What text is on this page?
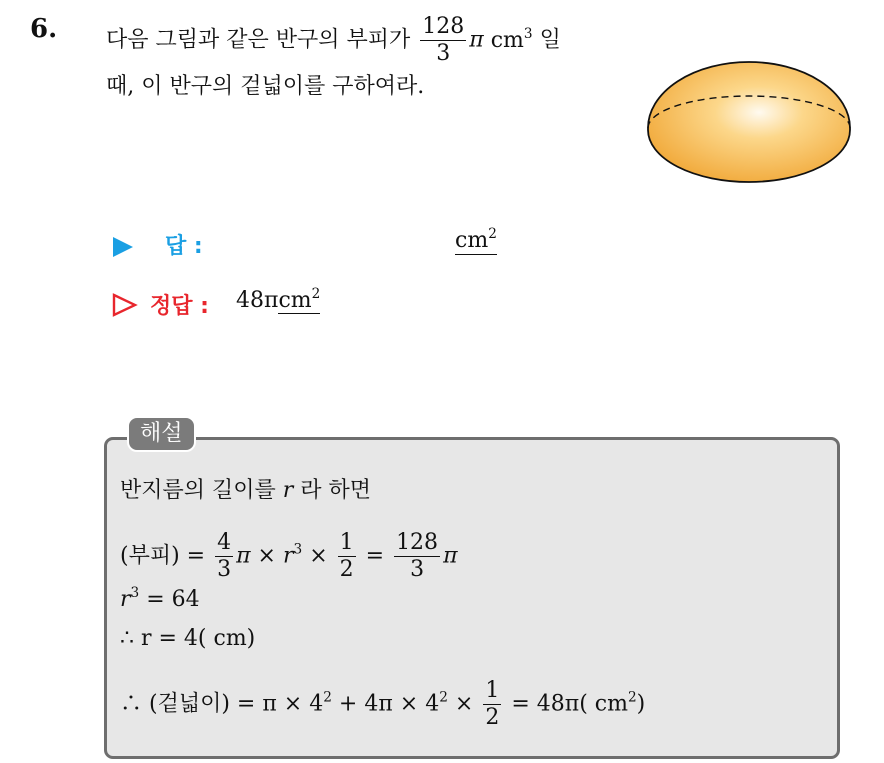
6. 다음 그림과 같은 반구의 부피가 $\frac{128}{3}$ π $cm^3$ 일
때, 이 반구의 겉넓이를 구하여라.
답 :	$cm^2$
정답 : 48πcm$^2$
해설
반지름의 길이를 r 라 하면
(부피) = $\frac{4}{3}$ $\pi \times r^3 \times \frac{1}{2} = \frac{128}{3}$ π
$r^3 = 64$
∴ r = 4( cm)
∴ (겉넓이) = $\pi \times 4^2 + 4\pi \times 4^2 \times \frac{1}{2} = 48\pi$( $cm^2$)
